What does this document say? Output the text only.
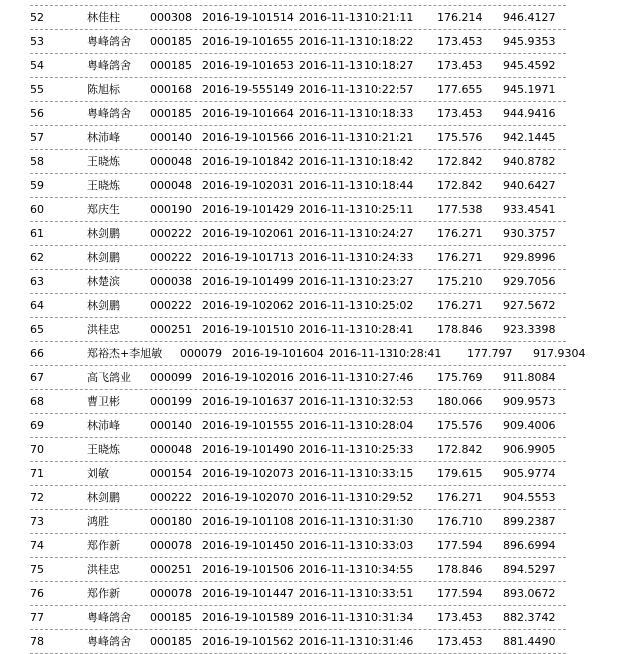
52	林佳柱	000308 2016-19-101514 2016-11-13 10:21:11 176.214 946.4127
53	粤峰鸽舍 000185 2016-19-101655 2016-11-13 10:18:22 173.453 945.9353
54	粤峰鸽舍 000185 2016-19-101653 2016-11-13 10:18:27 173.453 945.4592
55	陈旭标	000168 2016-19-555149 2016-11-13 10:22:57 177.655 945.1971
56	粤峰鸽舍 000185 2016-19-101664 2016-11-13 10:18:33 173.453 944.9416
57	林沛峰	000140 2016-19-101566 2016-11-13 10:21:21 175.576 942.1445
58	王晓炼	000048 2016-19-101842 2016-11-13 10:18:42 172.842 940.8782
59	王晓炼	000048 2016-19-102031 2016-11-13 10:18:44 172.842 940.6427
60	郑庆生	000190 2016-19-101429 2016-11-13 10:25:11 177.538 933.4541
61	林剑鹏	000222 2016-19-102061 2016-11-13 10:24:27 176.271 930.3757
62	林剑鹏	000222 2016-19-101713 2016-11-13 10:24:33 176.271 929.8996
63	林楚滨	000038 2016-19-101499 2016-11-13 10:23:27 175.210 929.7056
64	林剑鹏	000222 2016-19-102062 2016-11-13 10:25:02 176.271 927.5672
65	洪桂忠	000251 2016-19-101510 2016-11-13 10:28:41 178.846 923.3398
66	郑裕杰+李旭敏 000079 2016-19-101604 2016-11-13 10:28:41 177.797 917.9304
67	高飞鸽业 000099 2016-19-102016 2016-11-13 10:27:46 175.769 911.8084
68	曹卫彬	000199 2016-19-101637 2016-11-13 10:32:53 180.066 909.9573
69	林沛峰	000140 2016-19-101555 2016-11-13 10:28:04 175.576 909.4006
70	王晓炼	000048 2016-19-101490 2016-11-13 10:25:33 172.842 906.9905
71	刘敏	000154 2016-19-102073 2016-11-13 10:33:15 179.615 905.9774
72	林剑鹏	000222 2016-19-102070 2016-11-13 10:29:52 176.271 904.5553
73	鸿胜	000180 2016-19-101108 2016-11-13 10:31:30 176.710 899.2387
74	郑作新	000078 2016-19-101450 2016-11-13 10:33:03 177.594 896.6994
75	洪桂忠	000251 2016-19-101506 2016-11-13 10:34:55 178.846 894.5297
76	郑作新	000078 2016-19-101447 2016-11-13 10:33:51 177.594 893.0672
77	粤峰鸽舍 000185 2016-19-101589 2016-11-13 10:31:34 173.453 882.3742
78	粤峰鸽舍 000185 2016-19-101562 2016-11-13 10:31:46 173.453 881.4490
